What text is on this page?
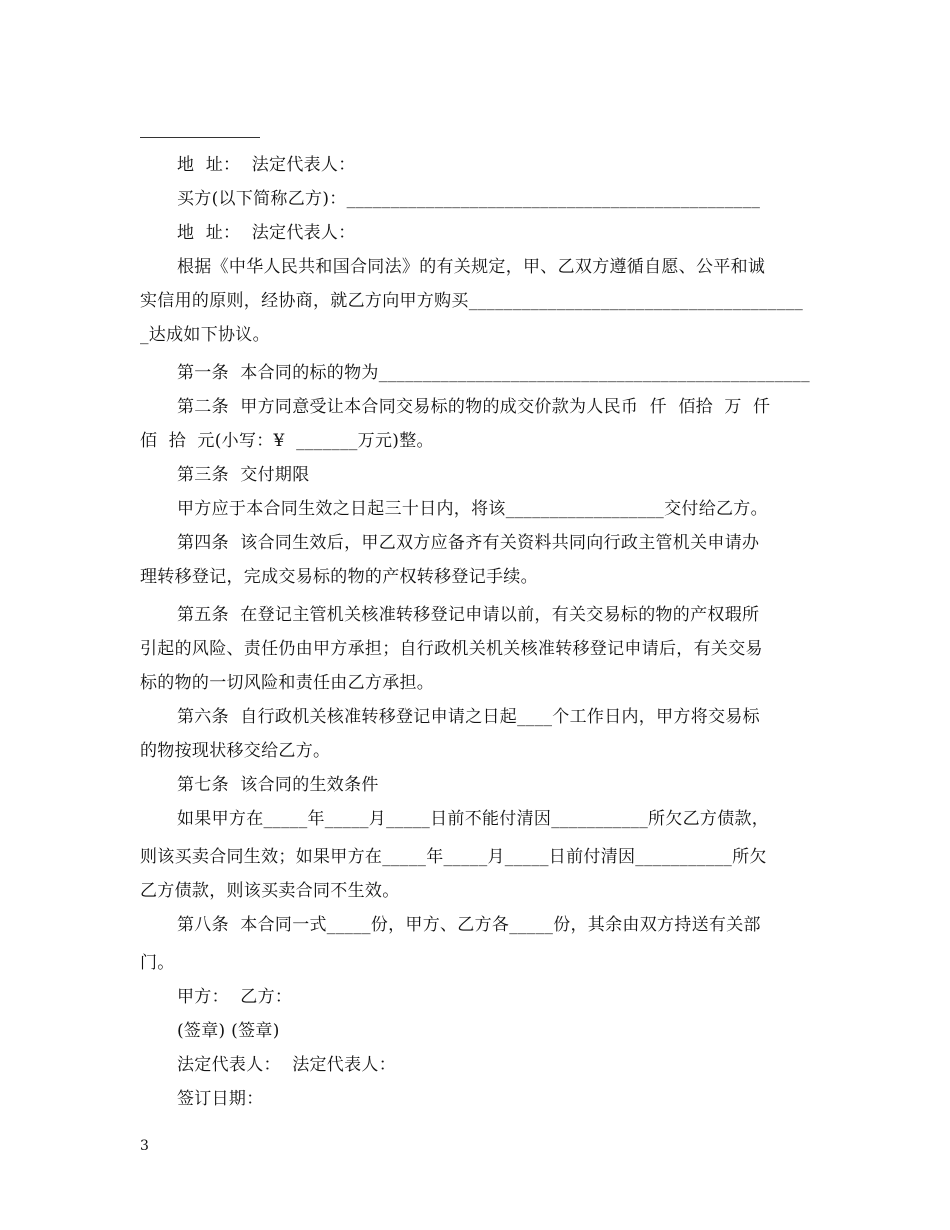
地  址：  法定代表人：
买方(以下简称乙方)：_______________________________________________
地  址：  法定代表人：
根据《中华人民共和国合同法》的有关规定，甲、乙双方遵循自愿、公平和诚
实信用的原则，经协商，就乙方向甲方购买______________________________________
_达成如下协议。
第一条  本合同的标的物为_________________________________________________
第二条  甲方同意受让本合同交易标的物的成交价款为人民币  仟  佰拾  万  仟
佰  拾  元(小写：¥  _______万元)整。
第三条  交付期限
甲方应于本合同生效之日起三十日内，将该__________________交付给乙方。
第四条  该合同生效后，甲乙双方应备齐有关资料共同向行政主管机关申请办
理转移登记，完成交易标的物的产权转移登记手续。
第五条  在登记主管机关核准转移登记申请以前，有关交易标的物的产权瑕所
引起的风险、责任仍由甲方承担；自行政机关机关核准转移登记申请后，有关交易
标的物的一切风险和责任由乙方承担。
第六条  自行政机关核准转移登记申请之日起____个工作日内，甲方将交易标
的物按现状移交给乙方。
第七条  该合同的生效条件
如果甲方在_____年_____月_____日前不能付清因___________所欠乙方债款，
则该买卖合同生效；如果甲方在_____年_____月_____日前付清因___________所欠
乙方债款，则该买卖合同不生效。
第八条  本合同一式_____份，甲方、乙方各_____份，其余由双方持送有关部
门。
甲方：  乙方：
(签章) (签章)
法定代表人：  法定代表人：
签订日期：
3
